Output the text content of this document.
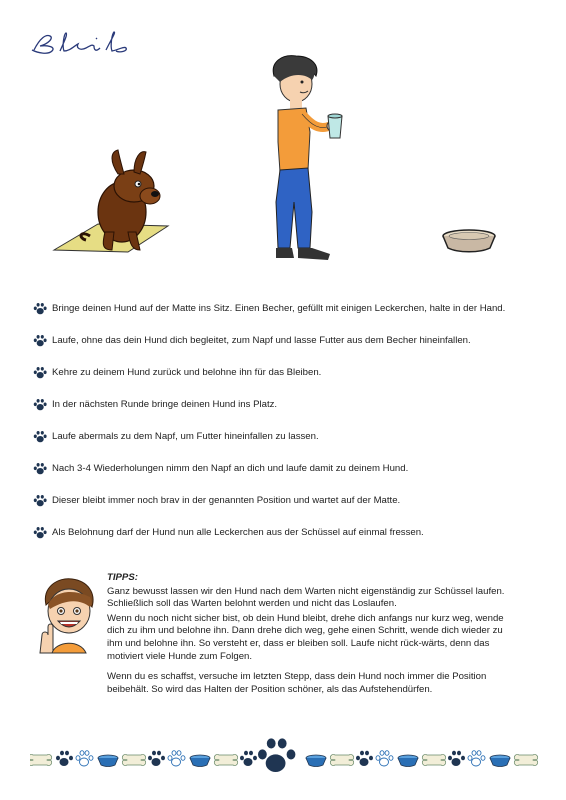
Bringe deinen Hund auf der Matte ins Sitz. Einen Becher, gefüllt mit einigen Leckerchen, halte in der Hand.
Laufe, ohne das dein Hund dich begleitet, zum Napf und lasse Futter aus dem Becher hineinfallen.
Kehre zu deinem Hund zurück und belohne ihn für das Bleiben.
In der nächsten Runde bringe deinen Hund ins Platz.
Laufe abermals zu dem Napf, um Futter hineinfallen zu lassen.
Nach 3-4 Wiederholungen nimm den Napf an dich und laufe damit zu deinem Hund.
Dieser bleibt immer noch brav in der genannten Position und wartet auf der Matte.
Als Belohnung darf der Hund nun alle Leckerchen aus der Schüssel auf einmal fressen.
TIPPS:

Ganz bewusst lassen wir den Hund nach dem Warten nicht eigenständig zur Schüssel laufen. Schließlich soll das Warten belohnt werden und nicht das Loslaufen.

Wenn du noch nicht sicher bist, ob dein Hund bleibt, drehe dich anfangs nur kurz weg, wende dich zu ihm und belohne ihn. Dann drehe dich weg, gehe einen Schritt, wende dich wieder zu ihm und belohne ihn. So versteht er, dass er bleiben soll. Laufe nicht rück-wärts, denn das motiviert viele Hunde zum Folgen.

Wenn du es schaffst, versuche im letzten Stepp, dass dein Hund noch immer die Position beibehält. So wird das Halten der Position schöner, als das Aufstehendürfen.
